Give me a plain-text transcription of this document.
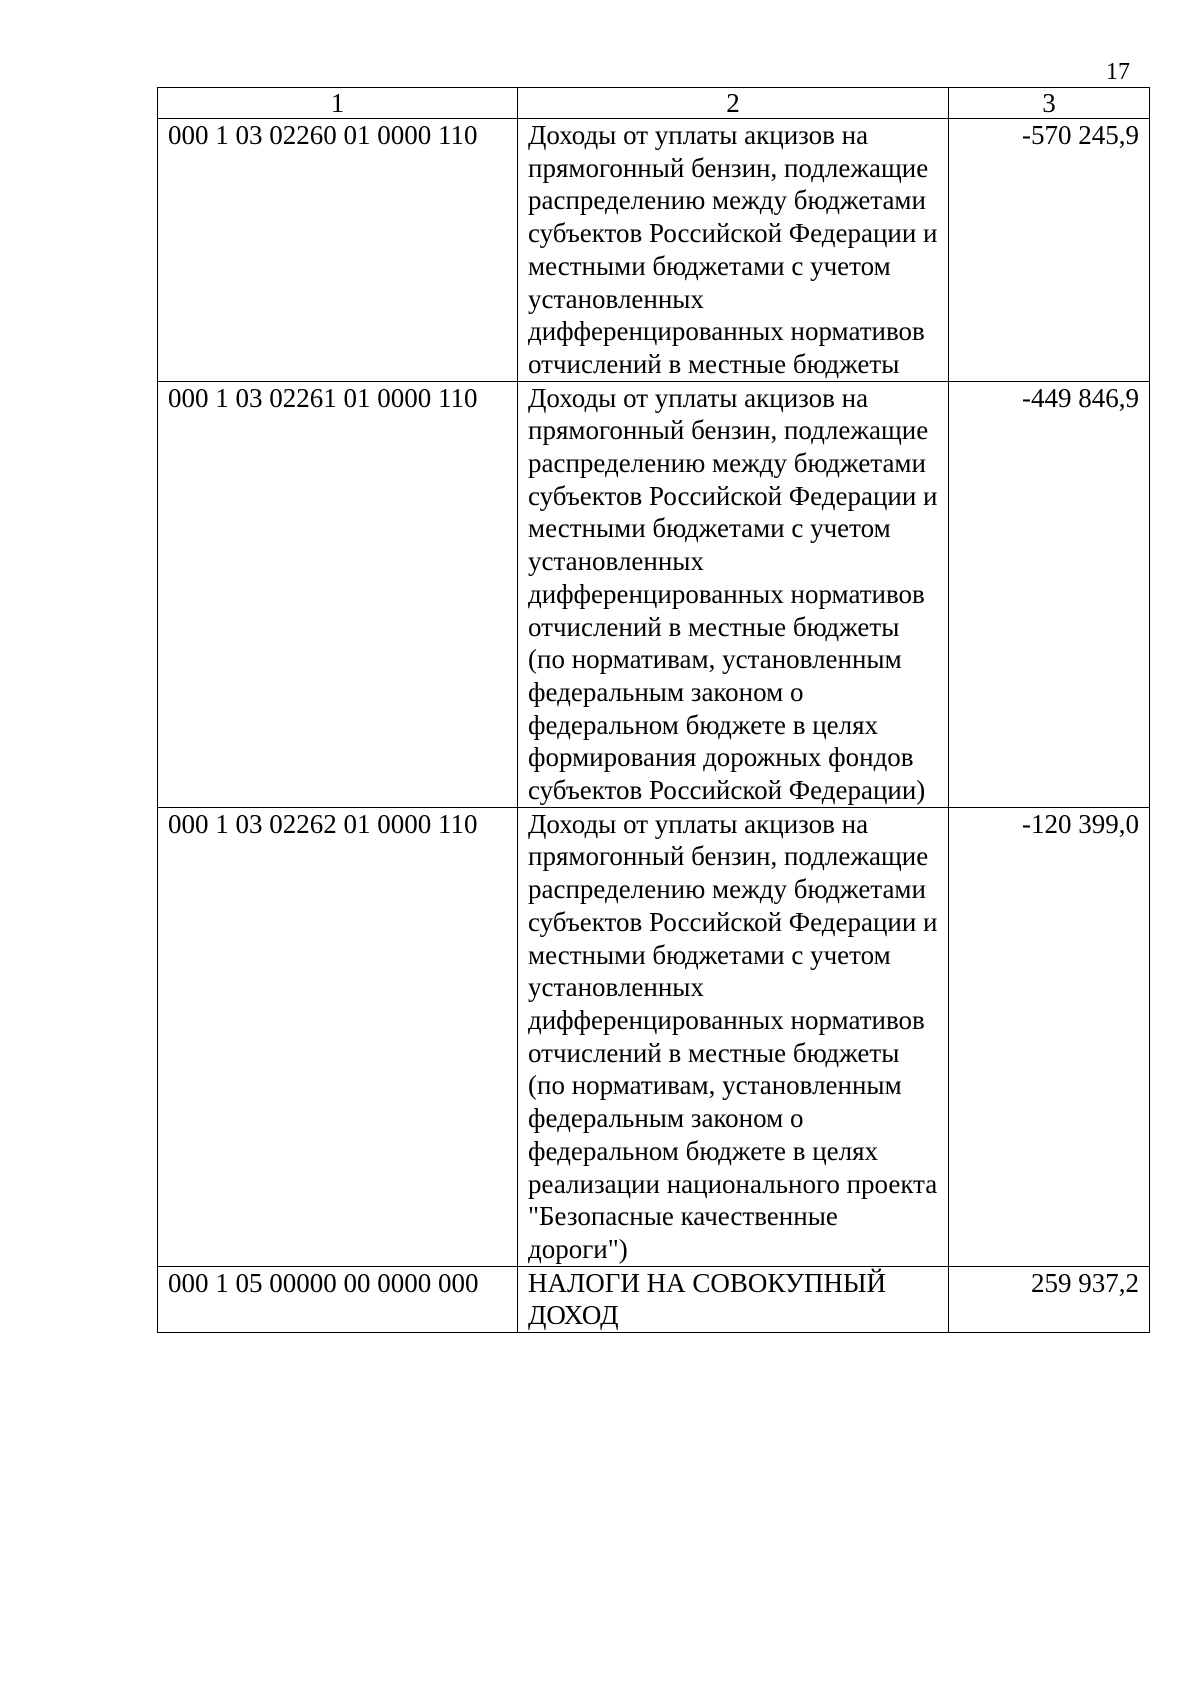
17
1	2	3
000 1 03 02260 01 0000 110	Доходы от уплаты акцизов на прямогонный бензин, подлежащие распределению между бюджетами субъектов Российской Федерации и местными бюджетами с учетом установленных дифференцированных нормативов отчислений в местные бюджеты	-570 245,9
000 1 03 02261 01 0000 110	Доходы от уплаты акцизов на прямогонный бензин, подлежащие распределению между бюджетами субъектов Российской Федерации и местными бюджетами с учетом установленных дифференцированных нормативов отчислений в местные бюджеты (по нормативам, установленным федеральным законом о федеральном бюджете в целях формирования дорожных фондов субъектов Российской Федерации)	-449 846,9
000 1 03 02262 01 0000 110	Доходы от уплаты акцизов на прямогонный бензин, подлежащие распределению между бюджетами субъектов Российской Федерации и местными бюджетами с учетом установленных дифференцированных нормативов отчислений в местные бюджеты (по нормативам, установленным федеральным законом о федеральном бюджете в целях реализации национального проекта "Безопасные качественные дороги")	-120 399,0
000 1 05 00000 00 0000 000	НАЛОГИ НА СОВОКУПНЫЙ ДОХОД	259 937,2
